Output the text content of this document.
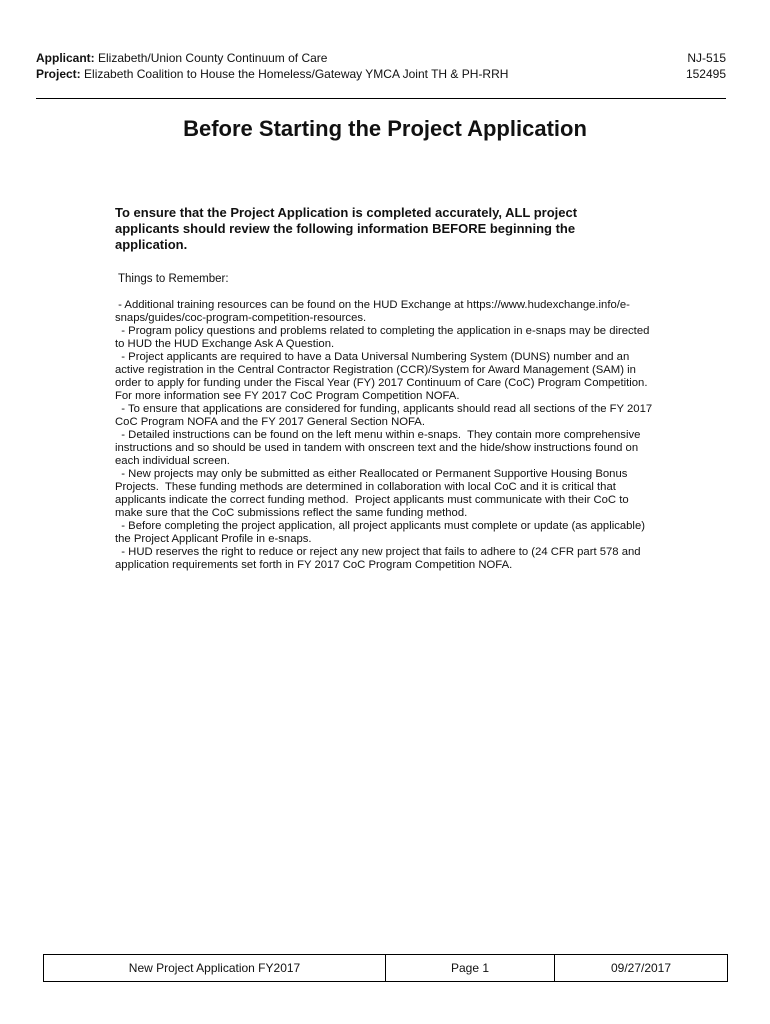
Applicant: Elizabeth/Union County Continuum of Care
Project: Elizabeth Coalition to House the Homeless/Gateway YMCA Joint TH & PH-RRH
NJ-515
152495
Before Starting the Project Application
To ensure that the Project Application is completed accurately, ALL project applicants should review the following information BEFORE beginning the application.
Things to Remember:

- Additional training resources can be found on the HUD Exchange at https://www.hudexchange.info/e-snaps/guides/coc-program-competition-resources.

- Program policy questions and problems related to completing the application in e-snaps may be directed to HUD the HUD Exchange Ask A Question.

- Project applicants are required to have a Data Universal Numbering System (DUNS) number and an active registration in the Central Contractor Registration (CCR)/System for Award Management (SAM) in order to apply for funding under the Fiscal Year (FY) 2017 Continuum of Care (CoC) Program Competition.  For more information see FY 2017 CoC Program Competition NOFA.

- To ensure that applications are considered for funding, applicants should read all sections of the FY 2017 CoC Program NOFA and the FY 2017 General Section NOFA.

- Detailed instructions can be found on the left menu within e-snaps.  They contain more comprehensive instructions and so should be used in tandem with onscreen text and the hide/show instructions found on each individual screen.

- New projects may only be submitted as either Reallocated or Permanent Supportive Housing Bonus Projects.  These funding methods are determined in collaboration with local CoC and it is critical that applicants indicate the correct funding method.  Project applicants must communicate with their CoC to make sure that the CoC submissions reflect the same funding method.

- Before completing the project application, all project applicants must complete or update (as applicable) the Project Applicant Profile in e-snaps.

- HUD reserves the right to reduce or reject any new project that fails to adhere to (24 CFR part 578 and application requirements set forth in FY 2017 CoC Program Competition NOFA.

New Project Application FY2017	Page 1	09/27/2017
